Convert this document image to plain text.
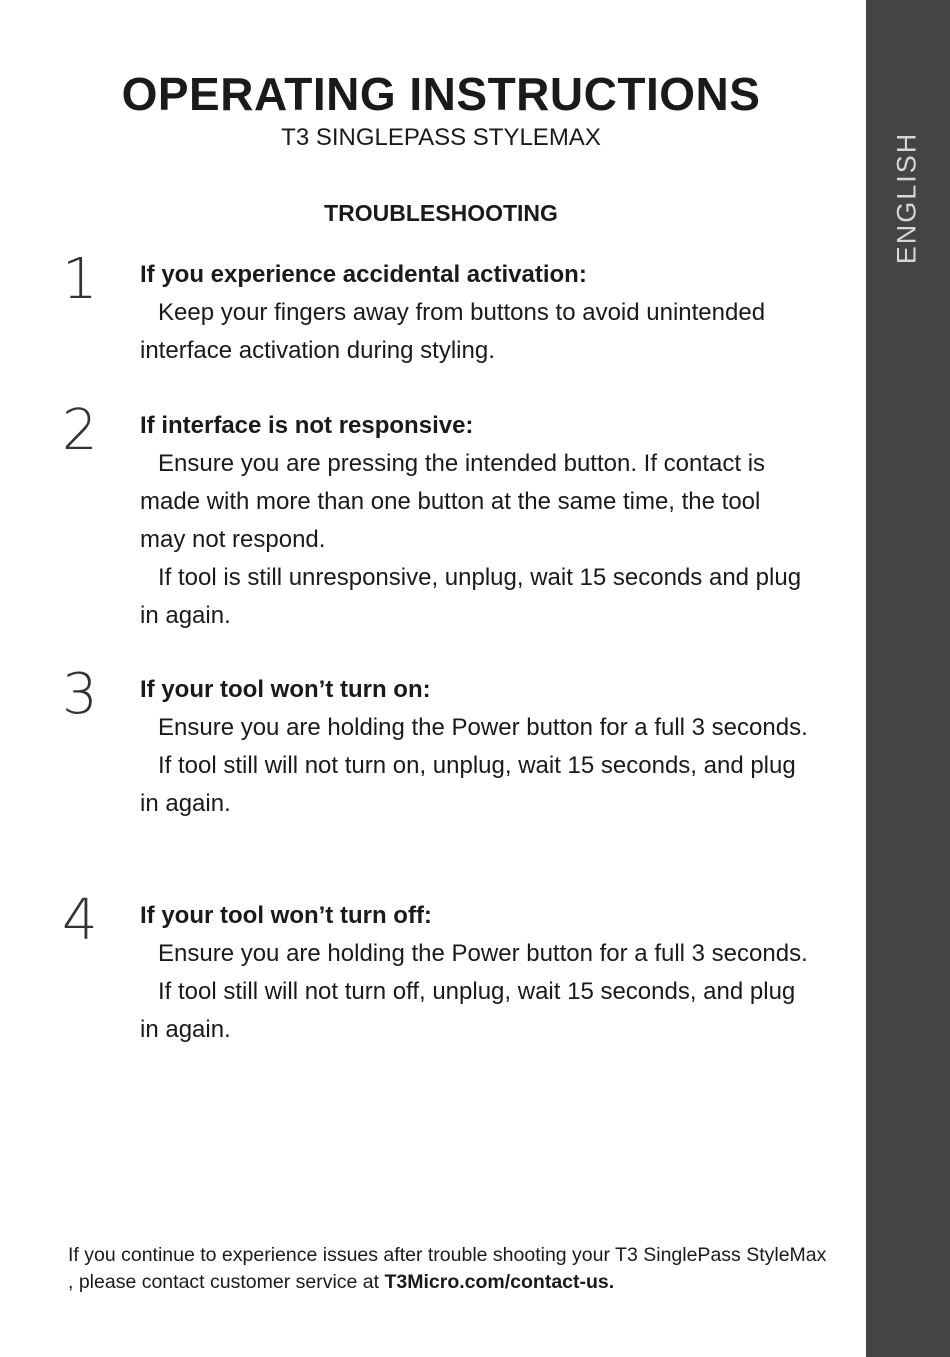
OPERATING INSTRUCTIONS

T3 SINGLEPASS STYLEMAX

TROUBLESHOOTING
1	If you experience accidental activation:

Keep your fingers away from buttons to avoid unintended interface activation during styling.

2	If interface is not responsive:

Ensure you are pressing the intended button. If contact is made with more than one button at the same time, the tool may not respond.

If tool is still unresponsive, unplug, wait 15 seconds and plug in again.

3	If your tool won’t turn on:

Ensure you are holding the Power button for a full 3 seconds.

If tool still will not turn on, unplug, wait 15 seconds, and plug in again.

4	If your tool won’t turn off:

Ensure you are holding the Power button for a full 3 seconds.

If tool still will not turn off, unplug, wait 15 seconds, and plug in again.

If you continue to experience issues after trouble shooting your T3 SinglePass StyleMax , please contact customer service at T3Micro.com/contact-us.

ENGLISH
